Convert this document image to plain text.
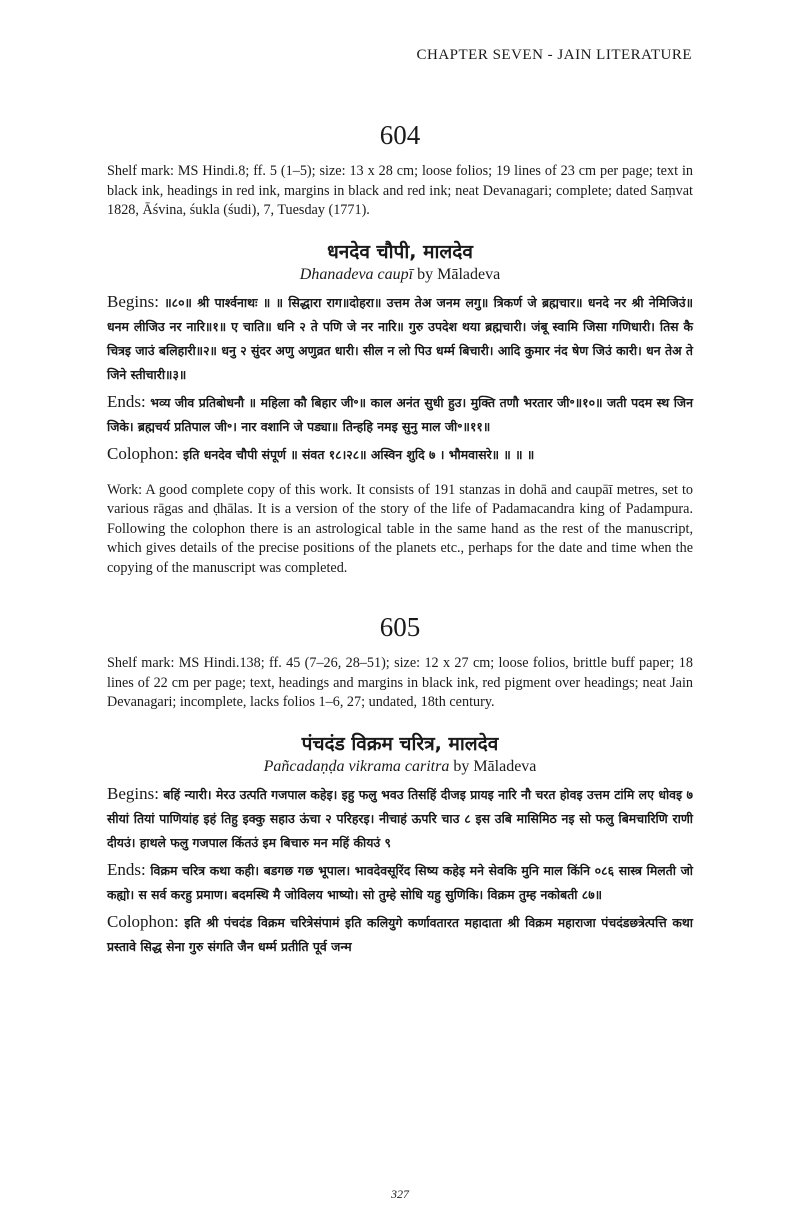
CHAPTER SEVEN - JAIN LITERATURE
604

Shelf mark: MS Hindi.8; ff. 5 (1–5); size: 13 x 28 cm; loose folios; 19 lines of 23 cm per page; text in black ink, headings in red ink, margins in black and red ink; neat Devanagari; complete; dated Saṃvat 1828, Āśvina, śukla (śudi), 7, Tuesday (1771).

धनदेव चौपी, मालदेव
Dhanadeva caupī by Māladeva
Begins: ॥८०॥ श्री पार्श्वनाथः ॥ ॥ सिद्धारा राग॥दोहरा॥ उत्तम तेअ जनम लगु॥ त्रिकर्ण जे ब्रह्मचार॥ धनदे नर श्री नेमिजिउं॥ धनम लीजिउ नर नारि॥१॥ ए चाति॥ धनि २ ते पणि जे नर नारि॥ गुरु उपदेश थया ब्रह्मचारी। जंबू स्वामि जिसा गणिधारी। तिस कै चित्रइ जाउं बलिहारी॥२॥ धनु २ सुंदर अणु अणुव्रत धारी। सील न लो पिउ धर्म्म बिचारी। आदि कुमार नंद षेण जिउं कारी। धन तेअ ते जिने स्तीचारी॥३॥
Ends: भव्य जीव प्रतिबोधनौ ॥ महिला कौ बिहार जी॰॥ काल अनंत सुधी हुउ। मुक्ति तणौ भरतार जी॰॥१०॥ जती पदम स्थ जिन जिके। ब्रह्मचर्य प्रतिपाल जी॰। नार वशानि जे पड्या॥ तिन्हहि नमइ सुनु माल जी॰॥११॥
Colophon: इति धनदेव चौपी संपूर्ण ॥ संवत १८।२८॥ अस्विन शुदि ७ । भौमवासरे॥ ॥ ॥ ॥

Work: A good complete copy of this work. It consists of 191 stanzas in dohā and caupāī metres, set to various rāgas and ḍhālas. It is a version of the story of the life of Padamacandra king of Padampura. Following the colophon there is an astrological table in the same hand as the rest of the manuscript, which gives details of the precise positions of the planets etc., perhaps for the date and time when the copying of the manuscript was completed.

605

Shelf mark: MS Hindi.138; ff. 45 (7–26, 28–51); size: 12 x 27 cm; loose folios, brittle buff paper; 18 lines of 22 cm per page; text, headings and margins in black ink, red pigment over headings; neat Jain Devanagari; incomplete, lacks folios 1–6, 27; undated, 18th century.

पंचदंड विक्रम चरित्र, मालदेव
Pañcadaṇḍa vikrama caritra by Māladeva
Begins: बहिं न्यारी। मेरउ उत्पति गजपाल कहेइ। इहु फलु भवउ तिसहिं दीजइ प्रायइ नारि नौ चरत होवइ उत्तम टांमि लए धोवइ ७ सीयां तियां पाणियांह इहं तिहु इक्कु सहाउ ऊंचा २ परिहरइ। नीचाहं ऊपरि चाउ ८ इस उबि मासिमिठ नइ सो फलु बिमचारिणि राणी दीयउं। हाथले फलु गजपाल किंतउं इम बिचारु मन महिं कीयउं ९
Ends: विक्रम चरित्र कथा कही। बडगछ गछ भूपाल। भावदेवसूरिंद सिष्य कहेइ मने सेवकि मुनि माल किंनि ०८६ सास्त्र मिलती जो कह्यो। स सर्व करहु प्रमाण। बदमस्थि मै जोविलय भाष्यो। सो तुम्हे सोधि यहु सुणिकि। विक्रम तुम्ह नकोबती ८७॥
Colophon: इति श्री पंचदंड विक्रम चरित्रेसंपामं इति कलियुगे कर्णावतारत महादाता श्री विक्रम महाराजा पंचदंडछत्रेत्पत्ति कथा प्रस्तावे सिद्ध सेना गुरु संगति जैन धर्म्म प्रतीति पूर्व जन्म
327
